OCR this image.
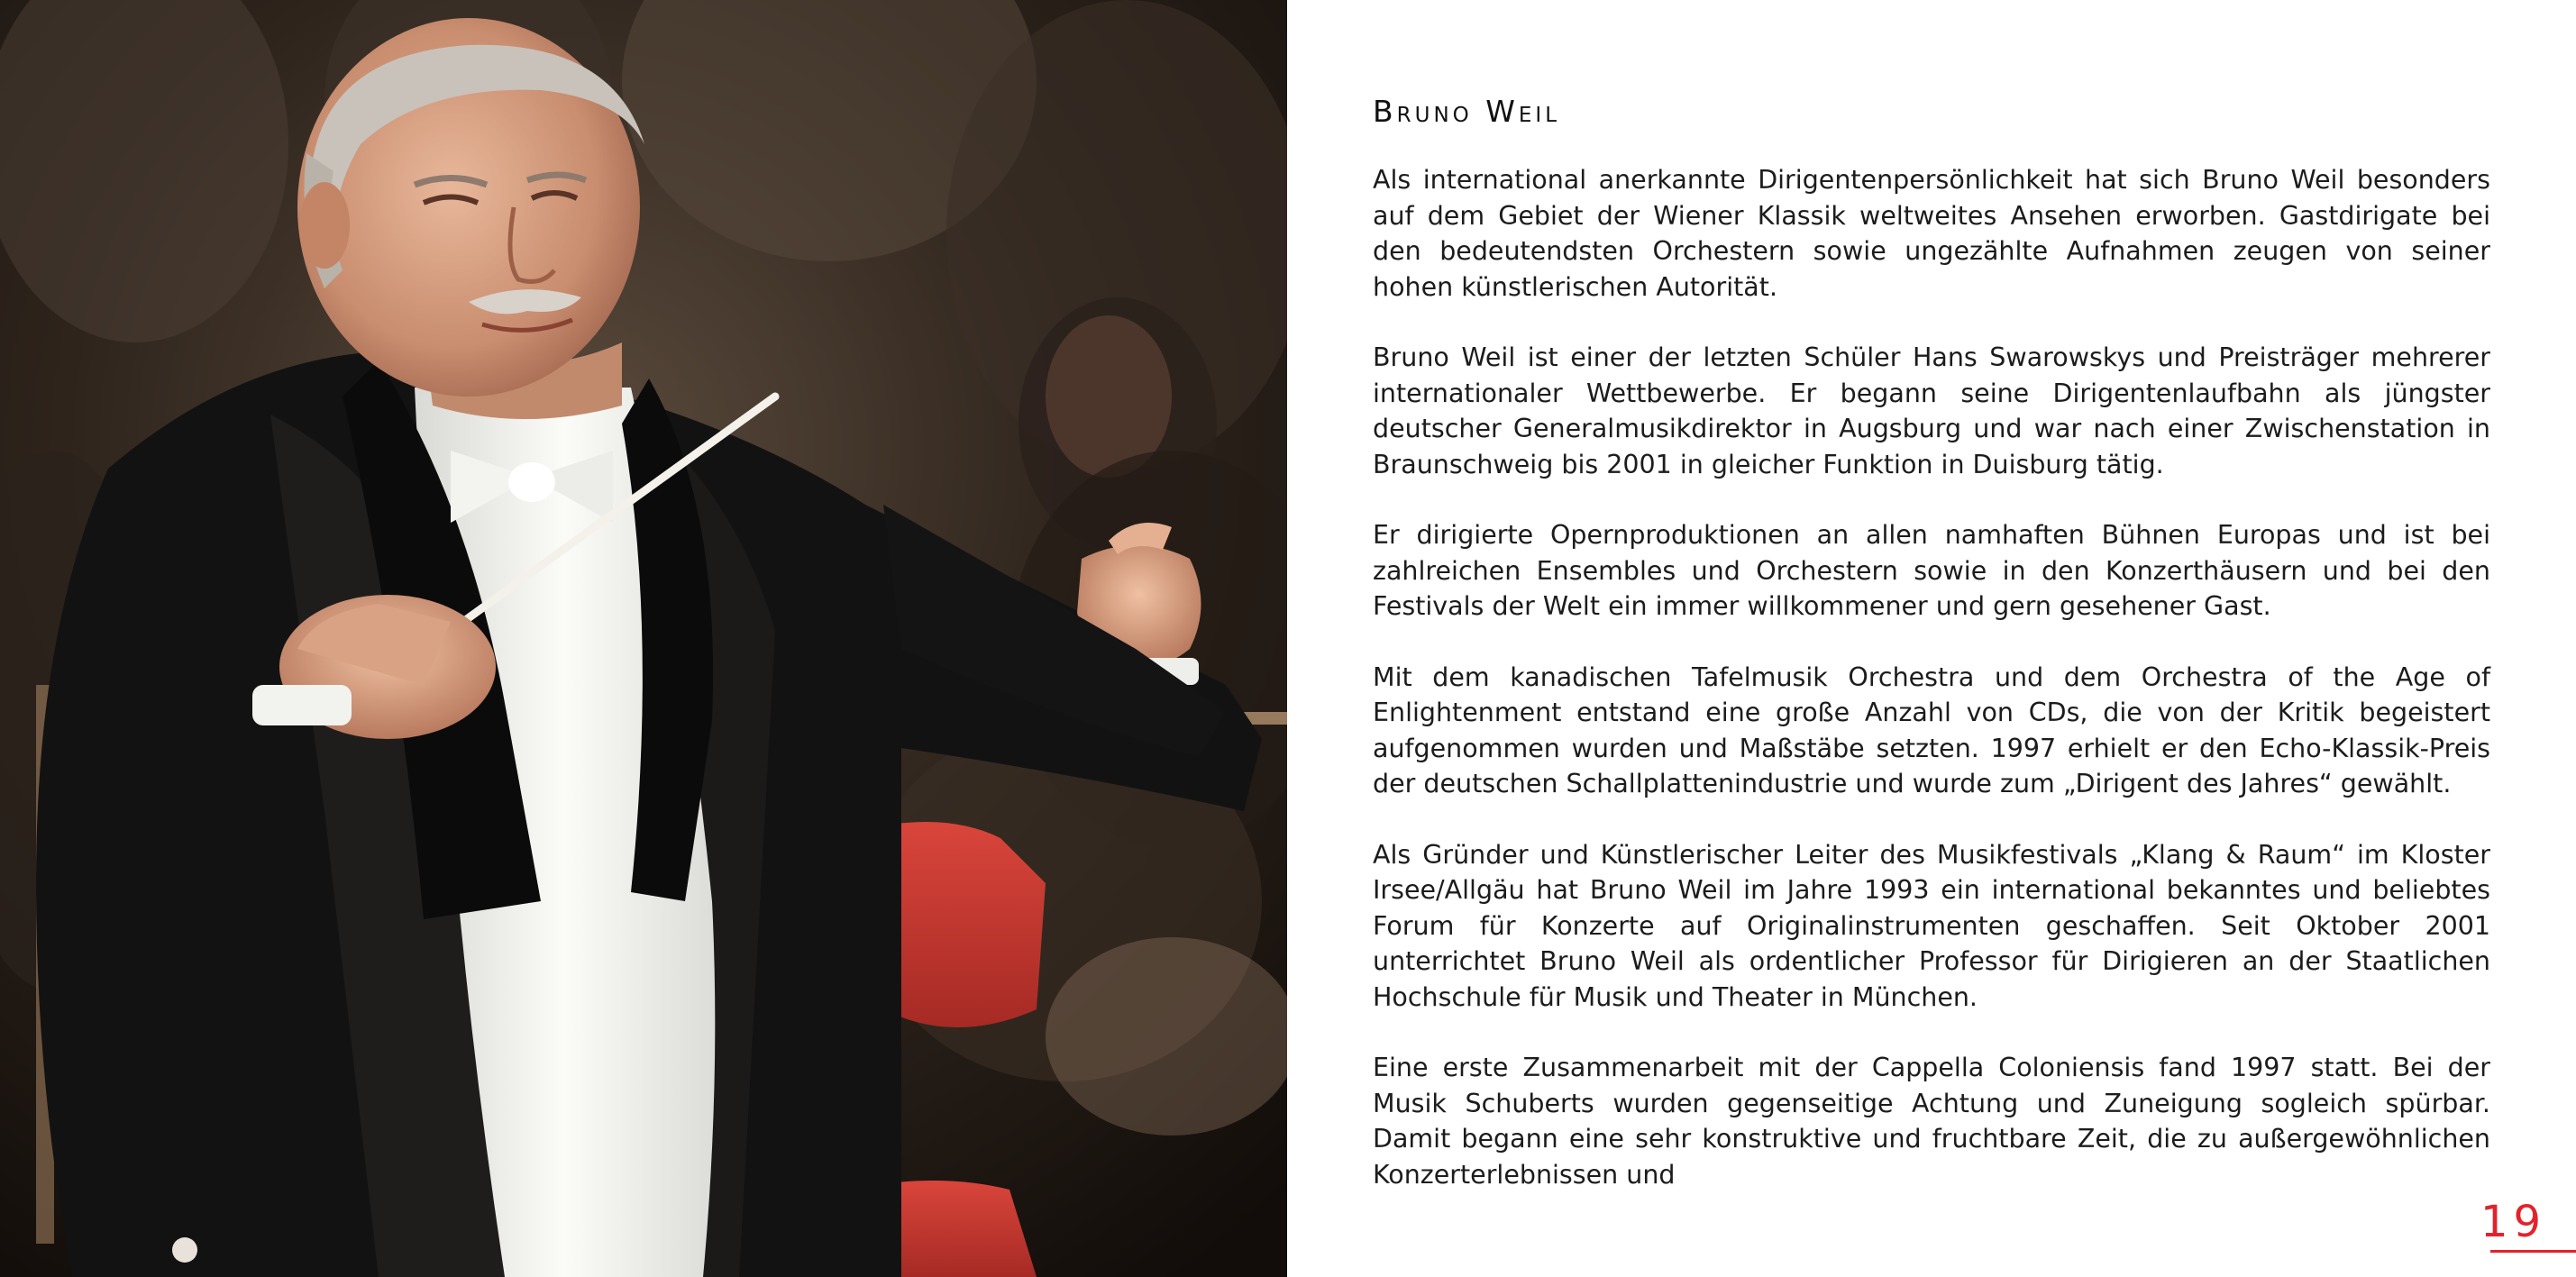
Bruno Weil

Als international anerkannte Dirigentenpersönlichkeit hat sich Bruno Weil besonders auf dem Gebiet der Wiener Klassik weltweites Ansehen erworben. Gastdirigate bei den bedeutendsten Orchestern sowie ungezählte Aufnahmen zeugen von seiner hohen künstlerischen Autorität.

Bruno Weil ist einer der letzten Schüler Hans Swarowskys und Preisträger mehrerer internationaler Wettbewerbe. Er begann seine Dirigentenlaufbahn als jüngster deutscher Generalmusikdirektor in Augsburg und war nach einer Zwischenstation in Braunschweig bis 2001 in gleicher Funktion in Duisburg tätig.

Er dirigierte Opernproduktionen an allen namhaften Bühnen Europas und ist bei zahlreichen Ensembles und Orchestern sowie in den Konzerthäusern und bei den Festivals der Welt ein immer willkommener und gern gesehener Gast.

Mit dem kanadischen Tafelmusik Orchestra und dem Orchestra of the Age of Enlightenment entstand eine große Anzahl von CDs, die von der Kritik begeistert aufgenommen wurden und Maßstäbe setzten. 1997 erhielt er den Echo-Klassik-Preis der deutschen Schallplattenindustrie und wurde zum „Dirigent des Jahres“ gewählt.

Als Gründer und Künstlerischer Leiter des Musikfestivals „Klang & Raum“ im Kloster Irsee/Allgäu hat Bruno Weil im Jahre 1993 ein international bekanntes und beliebtes Forum für Konzerte auf Originalinstrumenten geschaffen. Seit Oktober 2001 unterrichtet Bruno Weil als ordentlicher Professor für Dirigieren an der Staatlichen Hochschule für Musik und Theater in München.

Eine erste Zusammenarbeit mit der Cappella Coloniensis fand 1997 statt. Bei der Musik Schuberts wurden gegenseitige Achtung und Zuneigung sogleich spürbar. Damit begann eine sehr konstruktive und fruchtbare Zeit, die zu außergewöhnlichen Konzerterlebnissen und

19
